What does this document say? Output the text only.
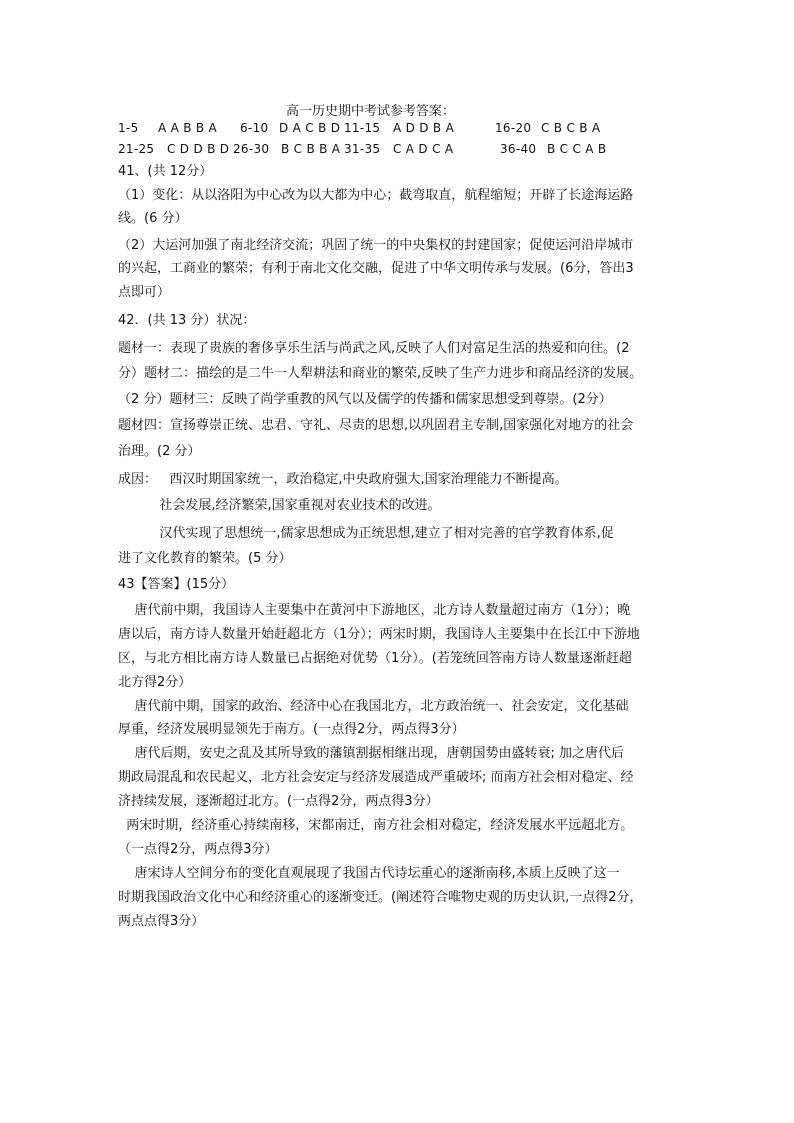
高一历史期中考试参考答案：
1-5 A A B B A 6-10 D A C B D 11-15 A D D B A	16-20 C B C B A
21-25 C D D B D 26-30 B C B B A 31-35 C A D C A	36-40 B C C A B
41、(共 12分）
（1）变化：从以洛阳为中心改为以大都为中心；截弯取直，航程缩短；开辟了长途海运路
线。(6 分）
（2）大运河加强了南北经济交流；巩固了统一的中央集权的封建国家；促使运河沿岸城市
的兴起，工商业的繁荣；有利于南北文化交融，促进了中华文明传承与发展。(6分，答出3
点即可）
42．(共 13 分）状况：
题材一：表现了贵族的奢侈享乐生活与尚武之风,反映了人们对富足生活的热爱和向往。(2
分）题材二：描绘的是二牛一人犁耕法和商业的繁荣,反映了生产力进步和商品经济的发展。
（2 分）题材三：反映了尚学重教的风气以及儒学的传播和儒家思想受到尊崇。(2分）
题材四：宣扬尊崇正统、忠君、守礼、尽责的思想,以巩固君主专制,国家强化对地方的社会
治理。(2 分）
成因：   西汉时期国家统一，政治稳定,中央政府强大,国家治理能力不断提高。
社会发展,经济繁荣,国家重视对农业技术的改进。
汉代实现了思想统一,儒家思想成为正统思想,建立了相对完善的官学教育体系,促
进了文化教育的繁荣。(5 分）
43【答案】(15分）
唐代前中期，我国诗人主要集中在黄河中下游地区，北方诗人数量超过南方（1分）；晚
唐以后，南方诗人数量开始赶超北方（1分）；两宋时期，我国诗人主要集中在长江中下游地
区，与北方相比南方诗人数量已占据绝对优势（1分）。(若笼统回答南方诗人数量逐渐赶超
北方得2分）
唐代前中期，国家的政治、经济中心在我国北方，北方政治统一、社会安定，文化基础
厚重，经济发展明显领先于南方。(一点得2分，两点得3分）
唐代后期，安史之乱及其所导致的藩镇割据相继出现，唐朝国势由盛转衰; 加之唐代后
期政局混乱和农民起义，北方社会安定与经济发展造成严重破坏; 而南方社会相对稳定、经
济持续发展，逐渐超过北方。(一点得2分，两点得3分）
两宋时期，经济重心持续南移，宋都南迁，南方社会相对稳定，经济发展水平远超北方。
（一点得2分，两点得3分）
唐宋诗人空间分布的变化直观展现了我国古代诗坛重心的逐渐南移,本质上反映了这一
时期我国政治文化中心和经济重心的逐渐变迁。(阐述符合唯物史观的历史认识,一点得2分，
两点点得3分）
